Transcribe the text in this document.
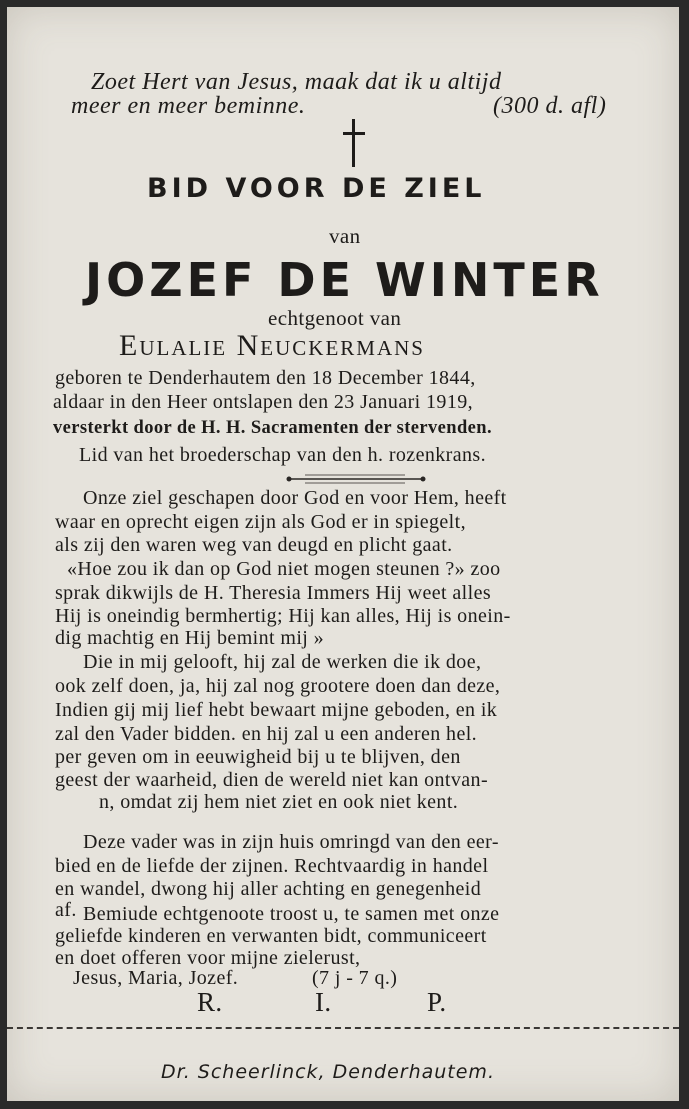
Zoet Hert van Jesus, maak dat ik u altijd
meer en meer beminne.	(300 d. afl)
BID VOOR DE ZIEL
van
JOZEF DE WINTER
echtgenoot van
Eulalie Neuckermans
geboren te Denderhautem den 18 December 1844,
aldaar in den Heer ontslapen den 23 Januari 1919,
versterkt door de H. H. Sacramenten der stervenden.
Lid van het broederschap van den h. rozenkrans.
Onze ziel geschapen door God en voor Hem, heeft
waar en oprecht eigen zijn als God er in spiegelt,
als zij den waren weg van deugd en plicht gaat.
«Hoe zou ik dan op God niet mogen steunen ?» zoo
sprak dikwijls de H. Theresia Immers Hij weet alles
Hij is oneindig bermhertig; Hij kan alles, Hij is onein-
dig machtig en Hij bemint mij »
Die in mij gelooft, hij zal de werken die ik doe,
ook zelf doen, ja, hij zal nog grootere doen dan deze,
Indien gij mij lief hebt bewaart mijne geboden, en ik
zal den Vader bidden. en hij zal u een anderen hel.
per geven om in eeuwigheid bij u te blijven, den
geest der waarheid, dien de wereld niet kan ontvan-
n, omdat zij hem niet ziet en ook niet kent.
Deze vader was in zijn huis omringd van den eer-
bied en de liefde der zijnen. Rechtvaardig in handel
en wandel, dwong hij aller achting en genegenheid
af. Bemiude echtgenoote troost u, te samen met onze
geliefde kinderen en verwanten bidt, communiceert
en doet offeren voor mijne zielerust,
Jesus, Maria, Jozef.	(7 j - 7 q.)
R.	I.	P.
Dr. Scheerlinck, Denderhautem.
